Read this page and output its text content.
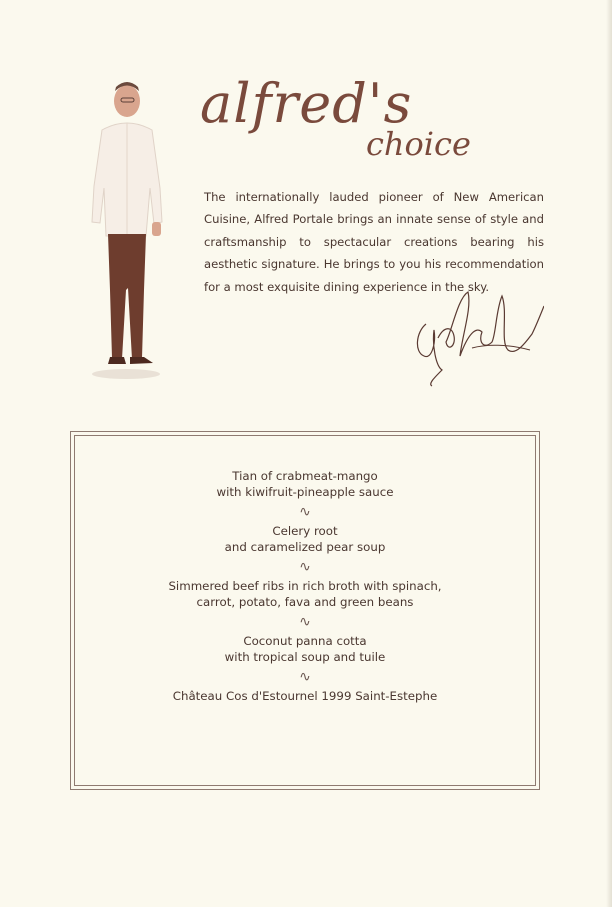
alfred's
choice
The internationally lauded pioneer of New American Cuisine, Alfred Portale brings an innate sense of style and craftsmanship to spectacular creations bearing his aesthetic signature. He brings to you his recommendation for a most exquisite dining experience in the sky.

Tian of crabmeat-mango

with kiwifruit-pineapple sauce

∿

Celery root

and caramelized pear soup

∿

Simmered beef ribs in rich broth with spinach,

carrot, potato, fava and green beans

∿

Coconut panna cotta

with tropical soup and tuile

∿

Château Cos d'Estournel 1999 Saint-Estephe
